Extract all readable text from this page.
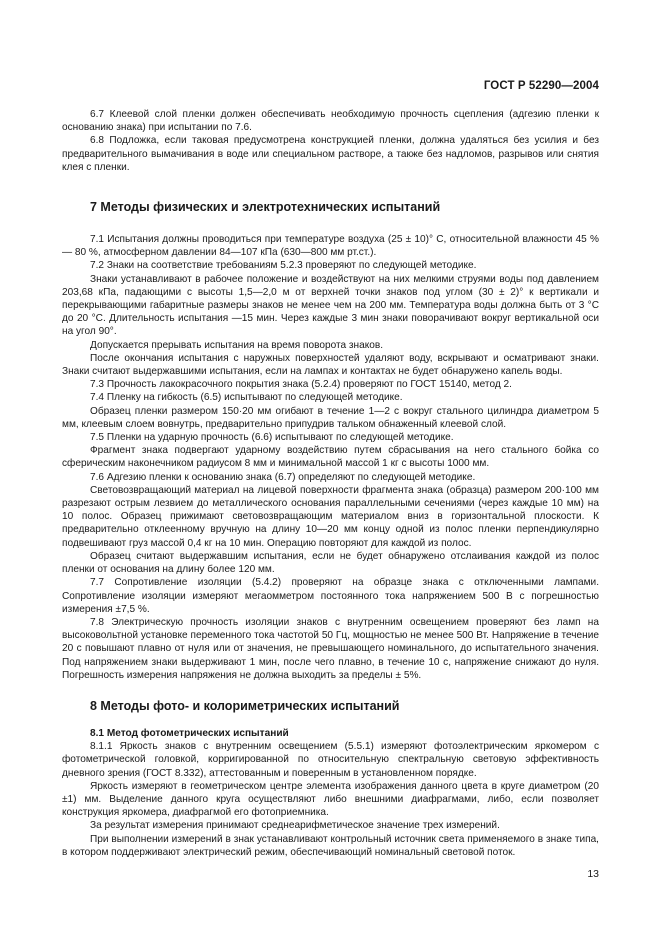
ГОСТ Р 52290—2004

6.7 Клеевой слой пленки должен обеспечивать необходимую прочность сцепления (адгезию пленки к основанию знака) при испытании по 7.6.

6.8 Подложка, если таковая предусмотрена конструкцией пленки, должна удаляться без усилия и без предварительного вымачивания в воде или специальном растворе, а также без надломов, разрывов или снятия клея с пленки.

7 Методы физических и электротехнических испытаний

7.1 Испытания должны проводиться при температуре воздуха (25 ± 10)° С, относительной влажности 45 % — 80 %, атмосферном давлении 84—107 кПа (630—800 мм рт.ст.).

7.2 Знаки на соответствие требованиям 5.2.3 проверяют по следующей методике.

Знаки устанавливают в рабочее положение и воздействуют на них мелкими струями воды под давлением 203,68 кПа, падающими с высоты 1,5—2,0 м от верхней точки знаков под углом (30 ± 2)° к вертикали и перекрывающими габаритные размеры знаков не менее чем на 200 мм. Температура воды должна быть от 3 °С до 20 °С. Длительность испытания —15 мин. Через каждые 3 мин знаки поворачивают вокруг вертикальной оси на угол 90°.

Допускается прерывать испытания на время поворота знаков.

После окончания испытания с наружных поверхностей удаляют воду, вскрывают и осматривают знаки. Знаки считают выдержавшими испытания, если на лампах и контактах не будет обнаружено капель воды.

7.3 Прочность лакокрасочного покрытия знака (5.2.4) проверяют по ГОСТ 15140, метод 2.

7.4 Пленку на гибкость (6.5) испытывают по следующей методике.

Образец пленки размером 150·20 мм огибают в течение 1—2 с вокруг стального цилиндра диаметром 5 мм, клеевым слоем вовнутрь, предварительно припудрив тальком обнаженный клеевой слой.

7.5 Пленки на ударную прочность (6.6) испытывают по следующей методике.

Фрагмент знака подвергают ударному воздействию путем сбрасывания на него стального бойка со сферическим наконечником радиусом 8 мм и минимальной массой 1 кг с высоты 1000 мм.

7.6 Адгезию пленки к основанию знака (6.7) определяют по следующей методике.

Световозвращающий материал на лицевой поверхности фрагмента знака (образца) размером 200·100 мм разрезают острым лезвием до металлического основания параллельными сечениями (через каждые 10 мм) на 10 полос. Образец прижимают световозвращающим материалом вниз в горизонтальной плоскости. К предварительно отклеенному вручную на длину 10—20 мм концу одной из полос пленки перпендикулярно подвешивают груз массой 0,4 кг на 10 мин. Операцию повторяют для каждой из полос.

Образец считают выдержавшим испытания, если не будет обнаружено отслаивания каждой из полос пленки от основания на длину более 120 мм.

7.7 Сопротивление изоляции (5.4.2) проверяют на образце знака с отключенными лампами. Сопротивление изоляции измеряют мегаомметром постоянного тока напряжением 500 В с погрешностью измерения ±7,5 %.

7.8 Электрическую прочность изоляции знаков с внутренним освещением проверяют без ламп на высоковольтной установке переменного тока частотой 50 Гц, мощностью не менее 500 Вт. Напряжение в течение 20 с повышают плавно от нуля или от значения, не превышающего номинального, до испытательного значения. Под напряжением знаки выдерживают 1 мин, после чего плавно, в течение 10 с, напряжение снижают до нуля. Погрешность измерения напряжения не должна выходить за пределы ± 5%.

8 Методы фото- и колориметрических испытаний
8.1 Метод фотометрических испытаний

8.1.1 Яркость знаков с внутренним освещением (5.5.1) измеряют фотоэлектрическим яркомером с фотометрической головкой, корригированной по относительную спектральную световую эффективность дневного зрения (ГОСТ 8.332), аттестованным и поверенным в установленном порядке.

Яркость измеряют в геометрическом центре элемента изображения данного цвета в круге диаметром (20 ±1) мм. Выделение данного круга осуществляют либо внешними диафрагмами, либо, если позволяет конструкция яркомера, диафрагмой его фотоприемника.

За результат измерения принимают среднеарифметическое значение трех измерений.

При выполнении измерений в знак устанавливают контрольный источник света применяемого в знаке типа, в котором поддерживают электрический режим, обеспечивающий номинальный световой поток.

13
